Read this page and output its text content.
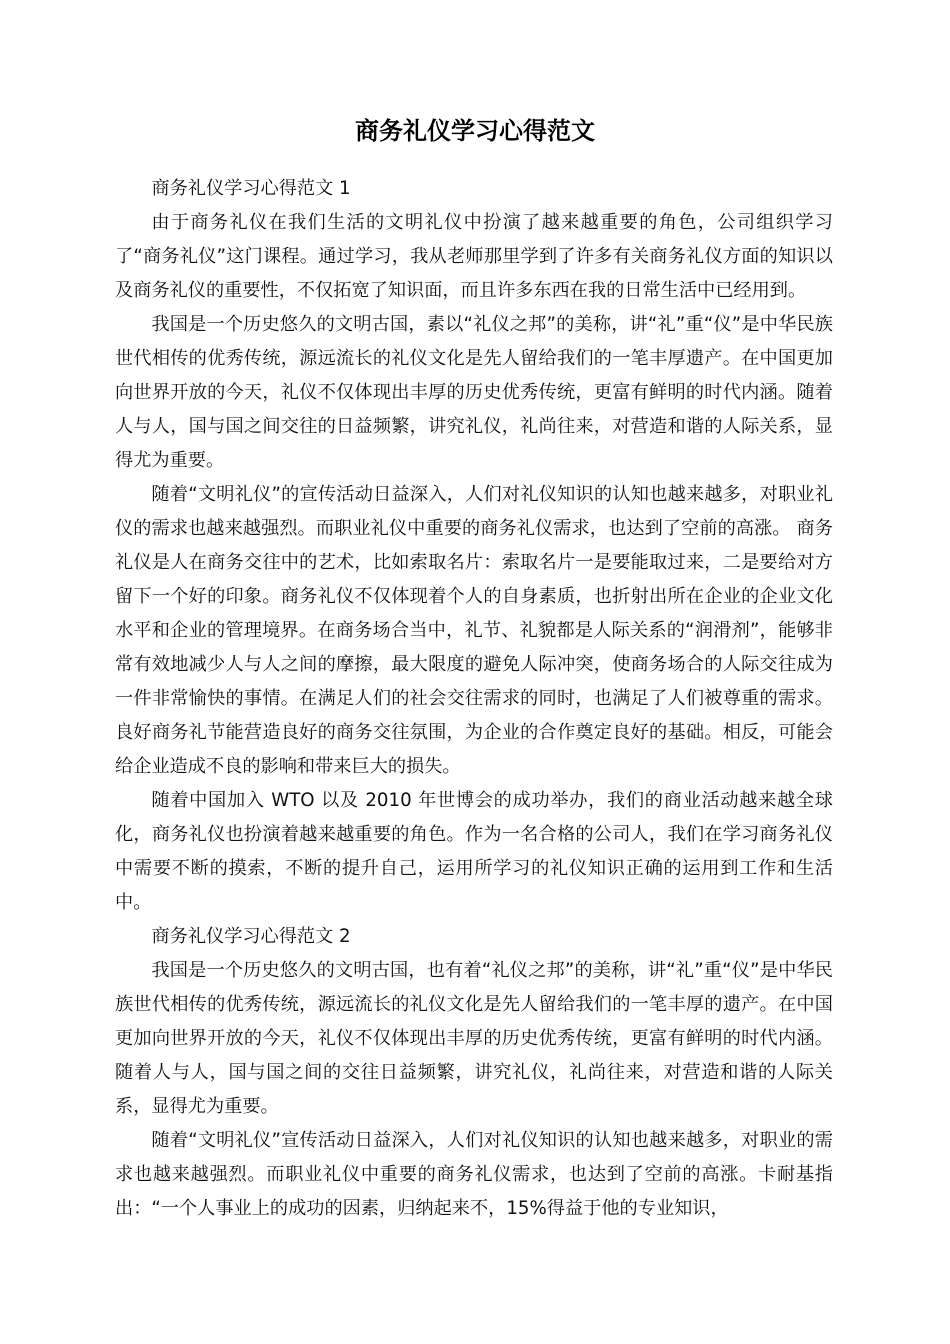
商务礼仪学习心得范文

商务礼仪学习心得范文 1

由于商务礼仪在我们生活的文明礼仪中扮演了越来越重要的角色，公司组织学习了“商务礼仪”这门课程。通过学习，我从老师那里学到了许多有关商务礼仪方面的知识以及商务礼仪的重要性，不仅拓宽了知识面，而且许多东西在我的日常生活中已经用到。

我国是一个历史悠久的文明古国，素以“礼仪之邦”的美称，讲“礼”重“仪”是中华民族世代相传的优秀传统，源远流长的礼仪文化是先人留给我们的一笔丰厚遗产。在中国更加向世界开放的今天，礼仪不仅体现出丰厚的历史优秀传统，更富有鲜明的时代内涵。随着人与人，国与国之间交往的日益频繁，讲究礼仪，礼尚往来，对营造和谐的人际关系，显得尤为重要。

随着“文明礼仪”的宣传活动日益深入，人们对礼仪知识的认知也越来越多，对职业礼仪的需求也越来越强烈。而职业礼仪中重要的商务礼仪需求，也达到了空前的高涨。 商务礼仪是人在商务交往中的艺术，比如索取名片：索取名片一是要能取过来，二是要给对方留下一个好的印象。商务礼仪不仅体现着个人的自身素质，也折射出所在企业的企业文化水平和企业的管理境界。在商务场合当中，礼节、礼貌都是人际关系的“润滑剂”，能够非常有效地减少人与人之间的摩擦，最大限度的避免人际冲突，使商务场合的人际交往成为一件非常愉快的事情。在满足人们的社会交往需求的同时，也满足了人们被尊重的需求。良好商务礼节能营造良好的商务交往氛围，为企业的合作奠定良好的基础。相反，可能会给企业造成不良的影响和带来巨大的损失。

随着中国加入 WTO 以及 2010 年世博会的成功举办，我们的商业活动越来越全球化，商务礼仪也扮演着越来越重要的角色。作为一名合格的公司人，我们在学习商务礼仪中需要不断的摸索，不断的提升自己，运用所学习的礼仪知识正确的运用到工作和生活中。

商务礼仪学习心得范文 2

我国是一个历史悠久的文明古国，也有着“礼仪之邦”的美称，讲“礼”重“仪”是中华民族世代相传的优秀传统，源远流长的礼仪文化是先人留给我们的一笔丰厚的遗产。在中国更加向世界开放的今天，礼仪不仅体现出丰厚的历史优秀传统，更富有鲜明的时代内涵。随着人与人，国与国之间的交往日益频繁，讲究礼仪，礼尚往来，对营造和谐的人际关系，显得尤为重要。

随着“文明礼仪”宣传活动日益深入，人们对礼仪知识的认知也越来越多，对职业的需求也越来越强烈。而职业礼仪中重要的商务礼仪需求，也达到了空前的高涨。卡耐基指出：“一个人事业上的成功的因素，归纳起来不，15%得益于他的专业知识，
